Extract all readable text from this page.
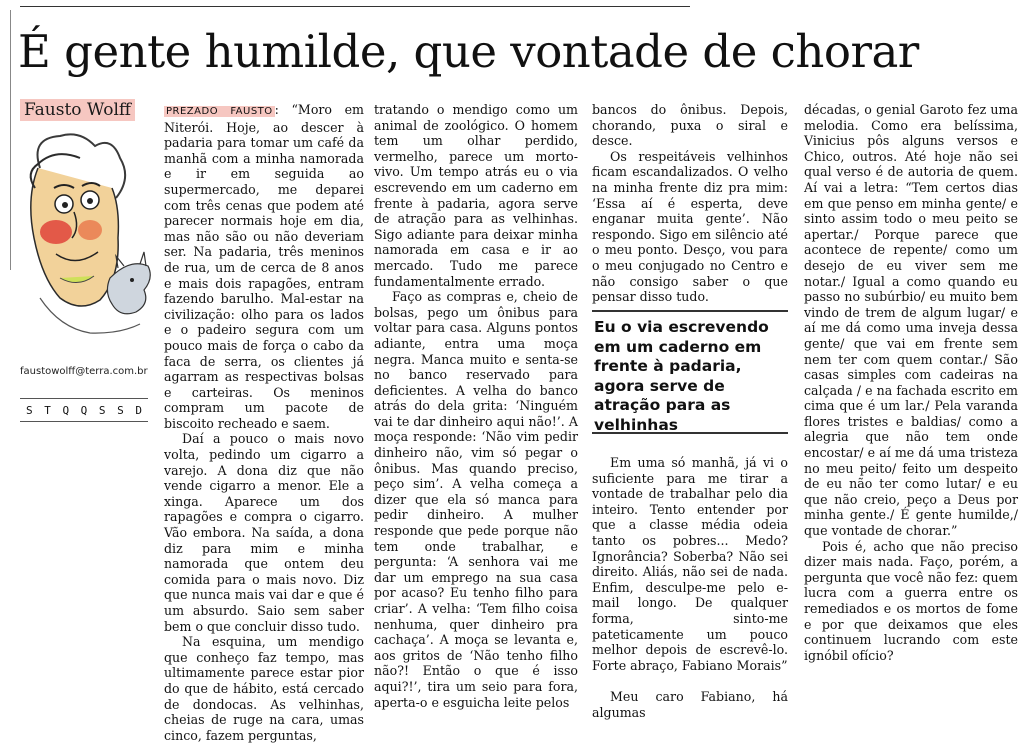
É gente humilde, que vontade de chorar
Fausto Wolff
faustowolff@terra.com.br
S T Q Q S S D

PREZADO FAUSTO : “Moro em Niterói. Hoje, ao descer à padaria para tomar um café da manhã com a minha namorada e ir em seguida ao supermercado, me deparei com três cenas que podem até parecer normais hoje em dia, mas não são ou não deveriam ser. Na padaria, três meninos de rua, um de cerca de 8 anos e mais dois rapagões, entram fazendo barulho. Mal-estar na civilização: olho para os lados e o padeiro segura com um pouco mais de força o cabo da faca de serra, os clientes já agarram as respectivas bolsas e carteiras. Os meninos compram um pacote de biscoito recheado e saem.

Daí a pouco o mais novo volta, pedindo um cigarro a varejo. A dona diz que não vende cigarro a menor. Ele a xinga. Aparece um dos rapagões e compra o cigarro. Vão embora. Na saída, a dona diz para mim e minha namorada que ontem deu comida para o mais novo. Diz que nunca mais vai dar e que é um absurdo. Saio sem saber bem o que concluir disso tudo.

Na esquina, um mendigo que conheço faz tempo, mas ultimamente parece estar pior do que de hábito, está cercado de dondocas. As velhinhas, cheias de ruge na cara, umas cinco, fazem perguntas,

tratando o mendigo como um animal de zoológico. O homem tem um olhar perdido, vermelho, parece um morto-vivo. Um tempo atrás eu o via escrevendo em um caderno em frente à padaria, agora serve de atração para as velhinhas. Sigo adiante para deixar minha namorada em casa e ir ao mercado. Tudo me parece fundamentalmente errado.

Faço as compras e, cheio de bolsas, pego um ônibus para voltar para casa. Alguns pontos adiante, entra uma moça negra. Manca muito e senta-se no banco reservado para deficientes. A velha do banco atrás do dela grita: ‘Ninguém vai te dar dinheiro aqui não!’. A moça responde: ‘Não vim pedir dinheiro não, vim só pegar o ônibus. Mas quando preciso, peço sim’. A velha começa a dizer que ela só manca para pedir dinheiro. A mulher responde que pede porque não tem onde trabalhar, e pergunta: ‘A senhora vai me dar um emprego na sua casa por acaso? Eu tenho filho para criar’. A velha: ‘Tem filho coisa nenhuma, quer dinheiro pra cachaça’. A moça se levanta e, aos gritos de ‘Não tenho filho não?! Então o que é isso aqui?!’, tira um seio para fora, aperta-o e esguicha leite pelos

bancos do ônibus. Depois, chorando, puxa o siral e desce.

Os respeitáveis velhinhos ficam escandalizados. O velho na minha frente diz pra mim: ‘Essa aí é esperta, deve enganar muita gente’. Não respondo. Sigo em silêncio até o meu ponto. Desço, vou para o meu conjugado no Centro e não consigo saber o que pensar disso tudo.

Eu o via escrevendo em um caderno em frente à padaria, agora serve de atração para as velhinhas

Em uma só manhã, já vi o suficiente para me tirar a vontade de trabalhar pelo dia inteiro. Tento entender por que a classe média odeia tanto os pobres... Medo? Ignorância? Soberba? Não sei direito. Aliás, não sei de nada. Enfim, desculpe-me pelo e-mail longo. De qualquer forma, sinto-me pateticamente um pouco melhor depois de escrevê-lo. Forte abraço, Fabiano Morais”

Meu caro Fabiano, há algumas

décadas, o genial Garoto fez uma melodia. Como era belíssima, Vinicius pôs alguns versos e Chico, outros. Até hoje não sei qual verso é de autoria de quem. Aí vai a letra: “Tem certos dias em que penso em minha gente/ e sinto assim todo o meu peito se apertar./ Porque parece que acontece de repente/ como um desejo de eu viver sem me notar./ Igual a como quando eu passo no subúrbio/ eu muito bem vindo de trem de algum lugar/ e aí me dá como uma inveja dessa gente/ que vai em frente sem nem ter com quem contar./ São casas simples com cadeiras na calçada / e na fachada escrito em cima que é um lar./ Pela varanda flores tristes e baldias/ como a alegria que não tem onde encostar/ e aí me dá uma tristeza no meu peito/ feito um despeito de eu não ter como lutar/ e eu que não creio, peço a Deus por minha gente./ É gente humilde,/ que vontade de chorar.”

Pois é, acho que não preciso dizer mais nada. Faço, porém, a pergunta que você não fez: quem lucra com a guerra entre os remediados e os mortos de fome e por que deixamos que eles continuem lucrando com este ignóbil ofício?
